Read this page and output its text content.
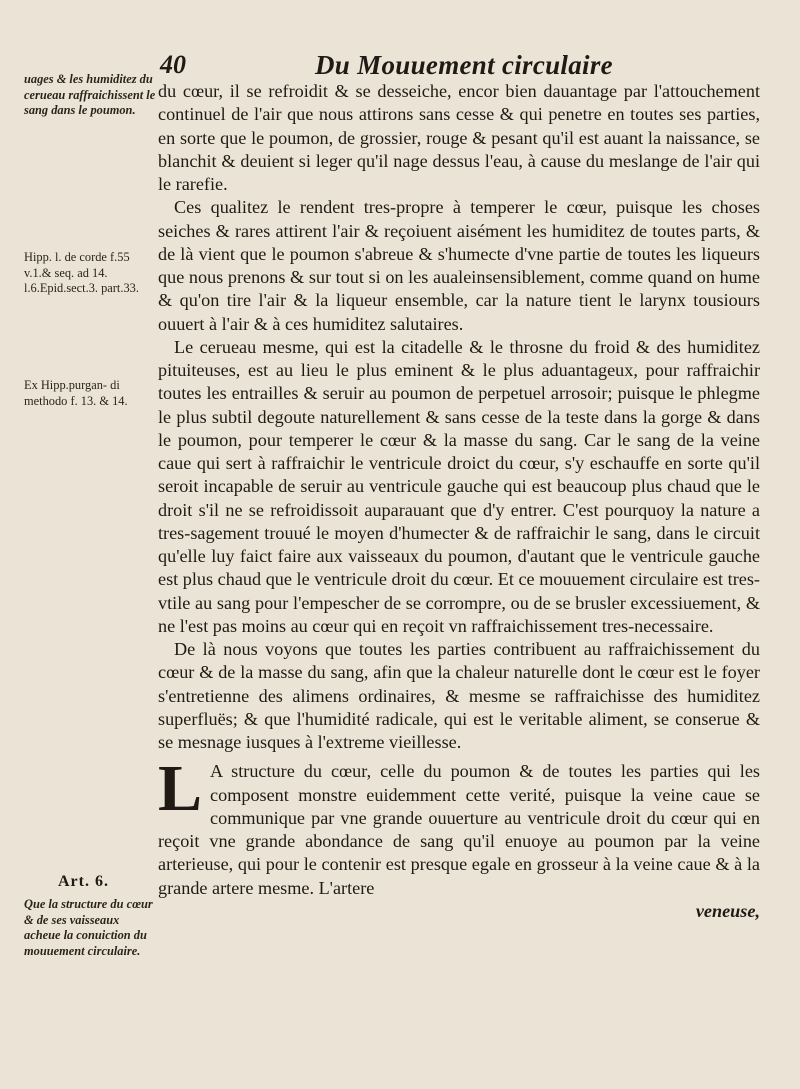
40	Du Mouuement circulaire
uages & les humiditez du cerueau raffraichissent le sang dans le poumon.
Hipp. l. de corde f.55 v.1.& seq. ad 14. l.6.Epid.sect.3. part.33.
Ex Hipp.purgan- di methodo f. 13. & 14.
Art. 6.
Que la structure du cœur & de ses vaisseaux acheue la conuiction du mouuement circulaire.

du cœur, il se refroidit & se desseiche, encor bien dauantage par l'attouchement continuel de l'air que nous attirons sans cesse & qui penetre en toutes ses parties, en sorte que le poumon, de grossier, rouge & pesant qu'il est auant la naissance, se blanchit & deuient si leger qu'il nage dessus l'eau, à cause du meslange de l'air qui le rarefie.

Ces qualitez le rendent tres-propre à temperer le cœur, puisque les choses seiches & rares attirent l'air & reçoiuent aisément les humiditez de toutes parts, & de là vient que le poumon s'abreue & s'humecte d'vne partie de toutes les liqueurs que nous prenons & sur tout si on les aualeinsensiblement, comme quand on hume & qu'on tire l'air & la liqueur ensemble, car la nature tient le larynx tousiours ouuert à l'air & à ces humiditez salutaires.

Le cerueau mesme, qui est la citadelle & le throsne du froid & des humiditez pituiteuses, est au lieu le plus eminent & le plus aduantageux, pour raffraichir toutes les entrailles & seruir au poumon de perpetuel arrosoir; puisque le phlegme le plus subtil degoute naturellement & sans cesse de la teste dans la gorge & dans le poumon, pour temperer le cœur & la masse du sang. Car le sang de la veine caue qui sert à raffraichir le ventricule droict du cœur, s'y eschauffe en sorte qu'il seroit incapable de seruir au ventricule gauche qui est beaucoup plus chaud que le droit s'il ne se refroidissoit auparauant que d'y entrer. C'est pourquoy la nature a tres-sagement trouué le moyen d'humecter & de raffraichir le sang, dans le circuit qu'elle luy faict faire aux vaisseaux du poumon, d'autant que le ventricule gauche est plus chaud que le ventricule droit du cœur. Et ce mouuement circulaire est tres-vtile au sang pour l'empescher de se corrompre, ou de se brusler excessiuement, & ne l'est pas moins au cœur qui en reçoit vn raffraichissement tres-necessaire.

De là nous voyons que toutes les parties contribuent au raffraichissement du cœur & de la masse du sang, afin que la chaleur naturelle dont le cœur est le foyer s'entretienne des alimens ordinaires, & mesme se raffraichisse des humiditez superfluës; & que l'humidité radicale, qui est le veritable aliment, se conserue & se mesnage iusques à l'extreme vieillesse.

L A structure du cœur, celle du poumon & de toutes les parties qui les composent monstre euidemment cette verité, puisque la veine caue se communique par vne grande ouuerture au ventricule droit du cœur qui en reçoit vne grande abondance de sang qu'il enuoye au poumon par la veine arterieuse, qui pour le contenir est presque egale en grosseur à la veine caue & à la grande artere mesme. L'artere

veneuse,
